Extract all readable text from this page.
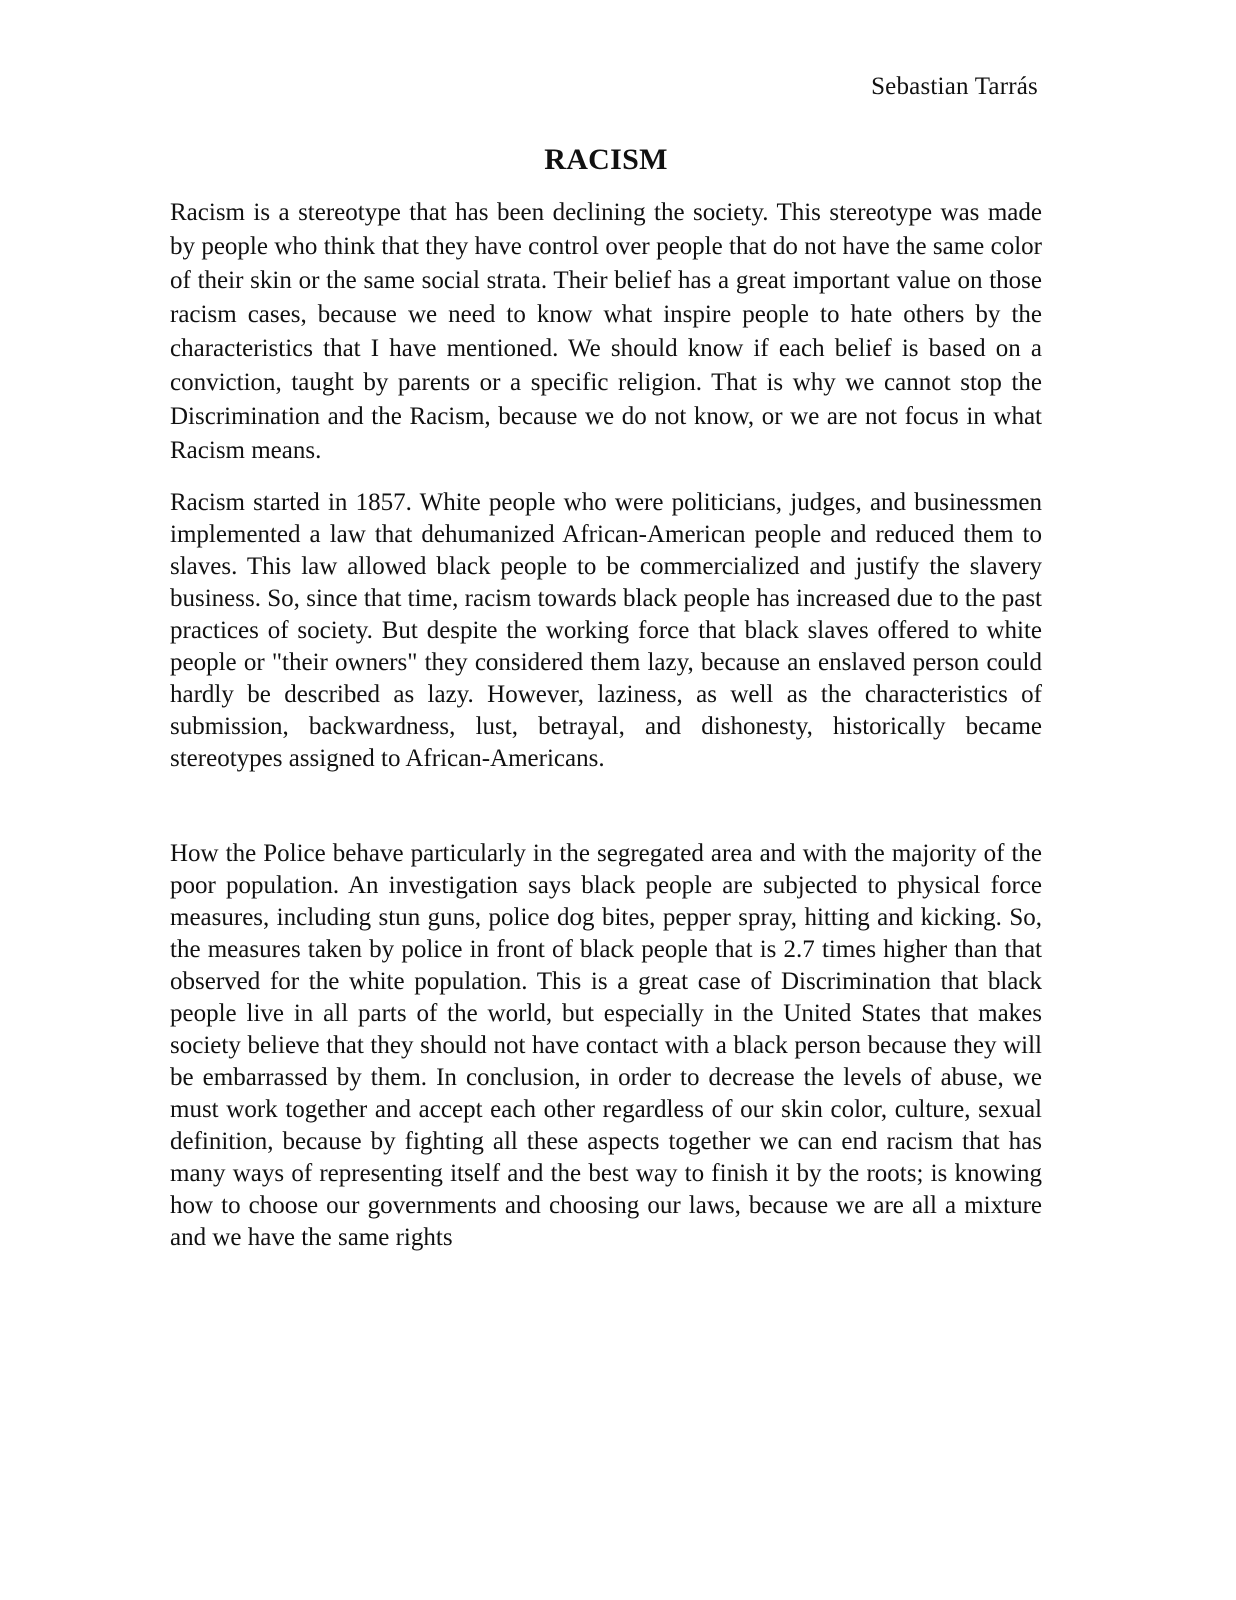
Sebastian Tarrás
RACISM

Racism is a stereotype that has been declining the society. This stereotype was made by people who think that they have control over people that do not have the same color of their skin or the same social strata. Their belief has a great important value on those racism cases, because we need to know what inspire people to hate others by the characteristics that I have mentioned. We should know if each belief is based on a conviction, taught by parents or a specific religion. That is why we cannot stop the Discrimination and the Racism, because we do not know, or we are not focus in what Racism means.

Racism started in 1857. White people who were politicians, judges, and businessmen implemented a law that dehumanized African-American people and reduced them to slaves. This law allowed black people to be commercialized and justify the slavery business. So, since that time, racism towards black people has increased due to the past practices of society. But despite the working force that black slaves offered to white people or "their owners" they considered them lazy, because an enslaved person could hardly be described as lazy. However, laziness, as well as the characteristics of submission, backwardness, lust, betrayal, and dishonesty, historically became stereotypes assigned to African-Americans.

How the Police behave particularly in the segregated area and with the majority of the poor population. An investigation says black people are subjected to physical force measures, including stun guns, police dog bites, pepper spray, hitting and kicking. So, the measures taken by police in front of black people that is 2.7 times higher than that observed for the white population. This is a great case of Discrimination that black people live in all parts of the world, but especially in the United States that makes society believe that they should not have contact with a black person because they will be embarrassed by them. In conclusion, in order to decrease the levels of abuse, we must work together and accept each other regardless of our skin color, culture, sexual definition, because by fighting all these aspects together we can end racism that has many ways of representing itself and the best way to finish it by the roots; is knowing how to choose our governments and choosing our laws, because we are all a mixture and we have the same rights
